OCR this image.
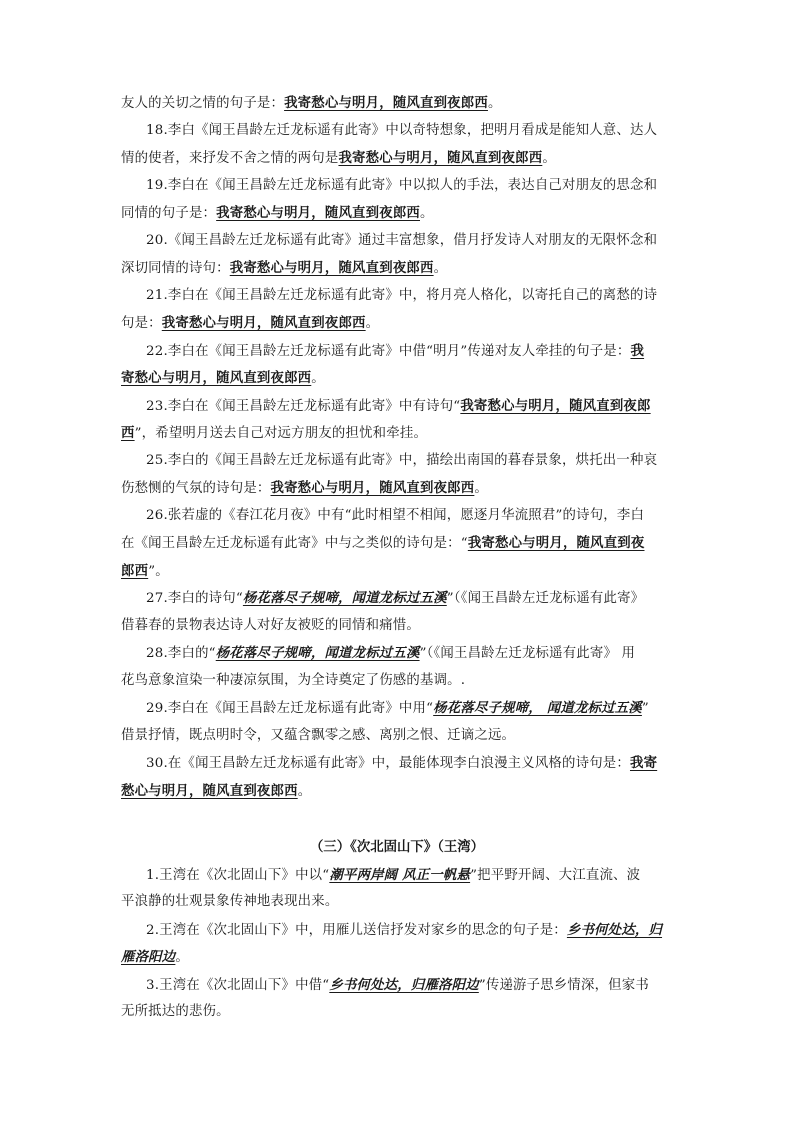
友人的关切之情的句子是：我寄愁心与明月，随风直到夜郎西。
18.李白《闻王昌龄左迁龙标遥有此寄》中以奇特想象，把明月看成是能知人意、达人
情的使者，来抒发不舍之情的两句是我寄愁心与明月，随风直到夜郎西。
19.李白在《闻王昌龄左迁龙标遥有此寄》中以拟人的手法，表达自己对朋友的思念和
同情的句子是：我寄愁心与明月，随风直到夜郎西。
20.《闻王昌龄左迁龙标遥有此寄》通过丰富想象，借月抒发诗人对朋友的无限怀念和
深切同情的诗句：我寄愁心与明月，随风直到夜郎西。
21.李白在《闻王昌龄左迁龙标遥有此寄》中，将月亮人格化，以寄托自己的离愁的诗
句是：我寄愁心与明月，随风直到夜郎西。
22.李白在《闻王昌龄左迁龙标遥有此寄》中借“明月”传递对友人牵挂的句子是：我
寄愁心与明月，随风直到夜郎西。
23.李白在《闻王昌龄左迁龙标遥有此寄》中有诗句“我寄愁心与明月，随风直到夜郎
西”，希望明月送去自己对远方朋友的担忧和牵挂。
25.李白的《闻王昌龄左迁龙标遥有此寄》中，描绘出南国的暮春景象，烘托出一种哀
伤愁恻的气氛的诗句是：我寄愁心与明月，随风直到夜郎西。
26.张若虚的《春江花月夜》中有“此时相望不相闻，愿逐月华流照君”的诗句，李白
在《闻王昌龄左迁龙标遥有此寄》中与之类似的诗句是：“我寄愁心与明月，随风直到夜
郎西”。
27.李白的诗句“杨花落尽子规啼，闻道龙标过五溪”（《闻王昌龄左迁龙标遥有此寄》
借暮春的景物表达诗人对好友被贬的同情和痛惜。
28.李白的“杨花落尽子规啼，闻道龙标过五溪”（《闻王昌龄左迁龙标遥有此寄》 用
花鸟意象渲染一种凄凉氛围，为全诗奠定了伤感的基调。.
29.李白在《闻王昌龄左迁龙标遥有此寄》中用“杨花落尽子规啼， 闻道龙标过五溪”
借景抒情，既点明时令，又蕴含飘零之感、离别之恨、迁谪之远。
30.在《闻王昌龄左迁龙标遥有此寄》中，最能体现李白浪漫主义风格的诗句是：我寄
愁心与明月，随风直到夜郎西。
1.王湾在《次北固山下》中以“潮平两岸阔 风正一帆悬”把平野开阔、大江直流、波
平浪静的壮观景象传神地表现出来。
2.王湾在《次北固山下》中，用雁儿送信抒发对家乡的思念的句子是：乡书何处达，归
雁洛阳边。
3.王湾在《次北固山下》中借“乡书何处达，归雁洛阳边”传递游子思乡情深，但家书
无所抵达的悲伤。
（三）《次北固山下》（王湾）
